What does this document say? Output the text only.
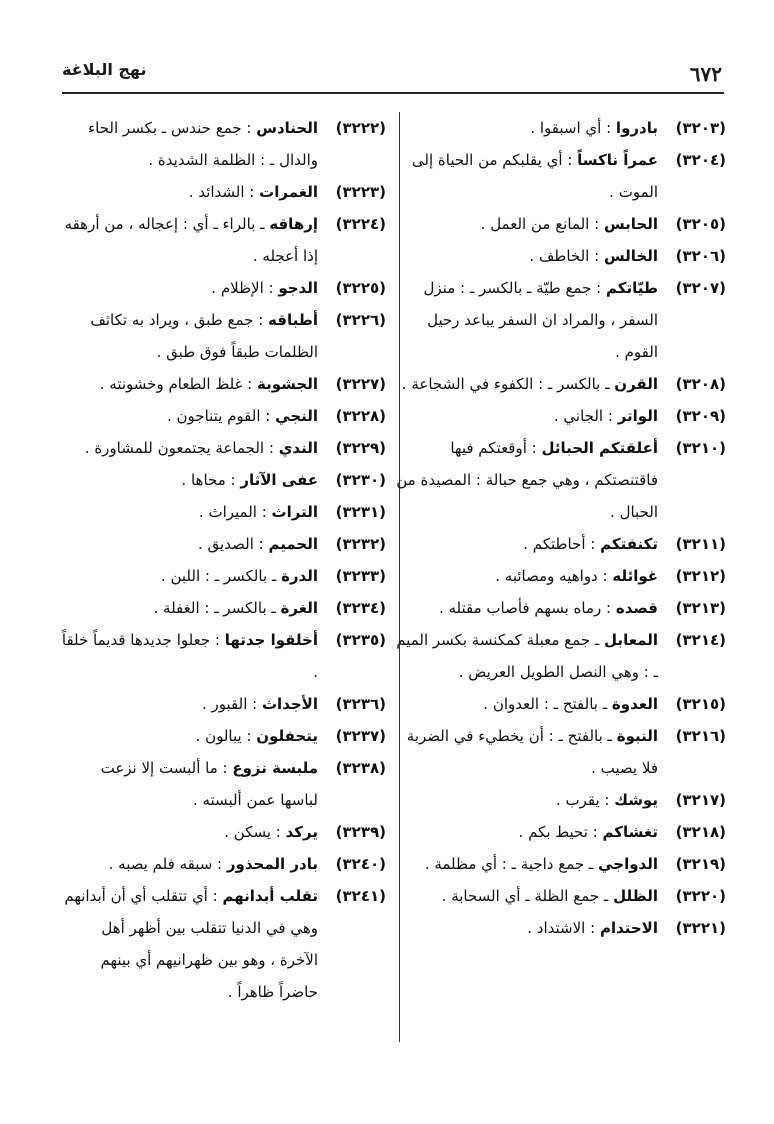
٦٧٢
نهج البلاغة
(٣٢٠٣)
بادروا : أي اسبقوا .
(٣٢٠٤)
عمراً ناكساً : أي يقلبكم من الحياة إلى الموت .
(٣٢٠٥)
الحابس : المانع من العمل .
(٣٢٠٦)
الخالس : الخاطف .
(٣٢٠٧)
طيّاتكم : جمع طيّة ـ بالكسر ـ : منزل السفر ، والمراد ان السفر يباعد رحيل القوم .
(٣٢٠٨)
القرن ـ بالكسر ـ : الكفوء في الشجاعة .
(٣٢٠٩)
الواتر : الجاني .
(٣٢١٠)
أعلقتكم الحبائل : أوقعتكم فيها فاقتنصتكم ، وهي جمع حبالة : المصيدة من الحبال .
(٣٢١١)
تكنفتكم : أحاطتكم .
(٣٢١٢)
غوائله : دواهيه ومصائبه .
(٣٢١٣)
قصده : رماه بسهم فأصاب مقتله .
(٣٢١٤)
المعابل ـ جمع معبلة كمكنسة بكسر الميم ـ : وهي النصل الطويل العريض .
(٣٢١٥)
العدوة ـ بالفتح ـ : العدوان .
(٣٢١٦)
النبوة ـ بالفتح ـ : أن يخطيء في الضربة فلا يصيب .
(٣٢١٧)
يوشك : يقرب .
(٣٢١٨)
تغشاكم : تحيط بكم .
(٣٢١٩)
الدواجي ـ جمع داجية ـ : أي مظلمة .
(٣٢٢٠)
الظلل ـ جمع الظلة ـ أي السحابة .
(٣٢٢١)
الاحتدام : الاشتداد .
(٣٢٢٢)
الحنادس : جمع حندس ـ بكسر الحاء والدال ـ : الظلمة الشديدة .
(٣٢٢٣)
الغمرات : الشدائد .
(٣٢٢٤)
إرهاقه ـ بالراء ـ أي : إعجاله ، من أرهقه إذا أعجله .
(٣٢٢٥)
الدجو : الإظلام .
(٣٢٢٦)
أطباقه : جمع طبق ، ويراد به تكاثف الظلمات طبقاً فوق طبق .
(٣٢٢٧)
الجشوبة : غلظ الطعام وخشونته .
(٣٢٢٨)
النجي : القوم يتناجون .
(٣٢٢٩)
الندي : الجماعة يجتمعون للمشاورة .
(٣٢٣٠)
عفى الآثار : محاها .
(٣٢٣١)
التراث : الميراث .
(٣٢٣٢)
الحميم : الصديق .
(٣٢٣٣)
الدرة ـ بالكسر ـ : اللبن .
(٣٢٣٤)
الغرة ـ بالكسر ـ : الغفلة .
(٣٢٣٥)
أخلقوا جدتها : جعلوا جديدها قديماً خلقاً .
(٣٢٣٦)
الأجداث : القبور .
(٣٢٣٧)
يتحفلون : يبالون .
(٣٢٣٨)
ملبسة نزوع : ما ألبست إلا نزعت لباسها عمن ألبسته .
(٣٢٣٩)
يركد : يسكن .
(٣٢٤٠)
بادر المحذور : سبقه فلم يصبه .
(٣٢٤١)
تقلب أبدانهم : أي تتقلب أي أن أبدانهم وهي في الدنيا تتقلب بين أظهر أهل الآخرة ، وهو بين ظهرانيهم أي بينهم حاضراً ظاهراً .
